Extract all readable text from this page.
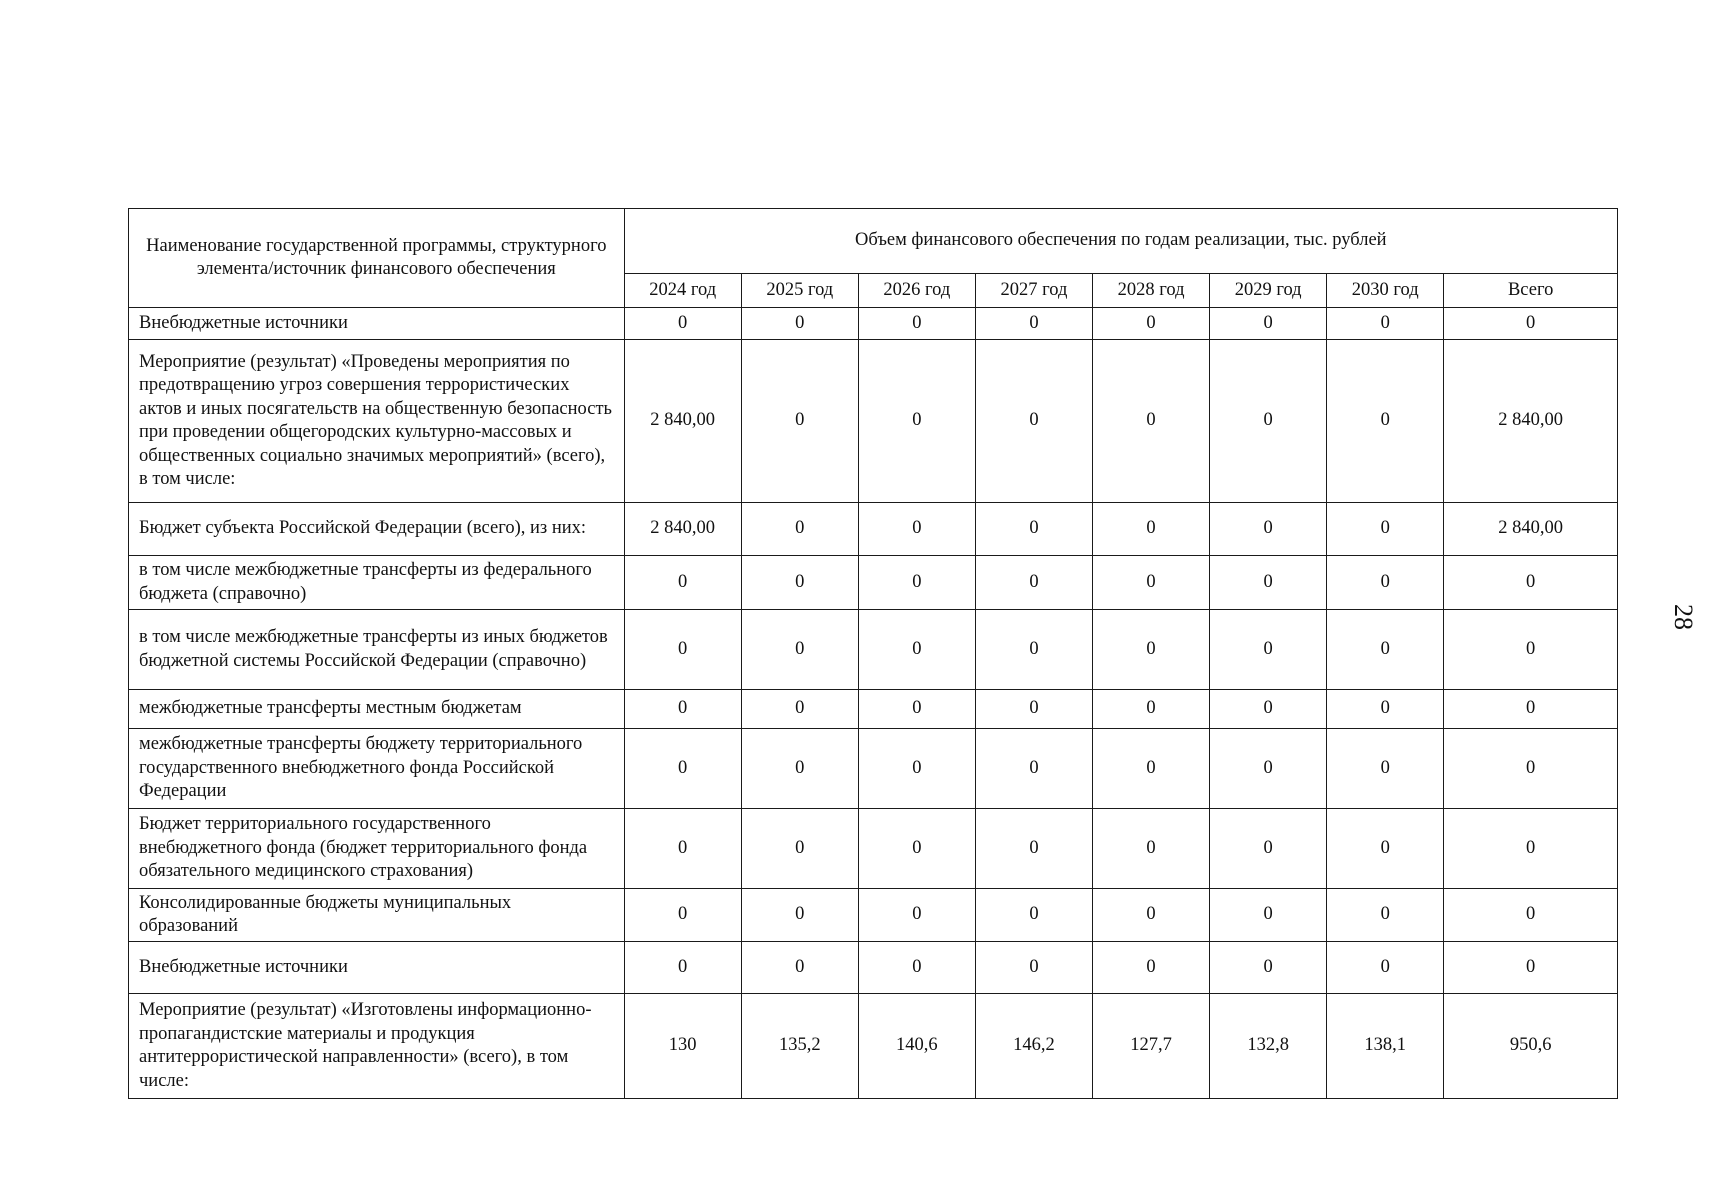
Наименование государственной программы, структурного элемента/источник финансового обеспечения	Объем финансового обеспечения по годам реализации, тыс. рублей							
	2024 год	2025 год	2026 год	2027 год	2028 год	2029 год	2030 год	Всего
Внебюджетные источники	0	0	0	0	0	0	0	0
Мероприятие (результат) «Проведены мероприятия по предотвращению угроз совершения террористических актов и иных посягательств на общественную безопасность при проведении общегородских культурно-массовых и общественных социально значимых мероприятий» (всего), в том числе:	2 840,00	0	0	0	0	0	0	2 840,00
Бюджет субъекта Российской Федерации (всего), из них:	2 840,00	0	0	0	0	0	0	2 840,00
в том числе межбюджетные трансферты из федерального бюджета (справочно)	0	0	0	0	0	0	0	0
в том числе межбюджетные трансферты из иных бюджетов бюджетной системы Российской Федерации (справочно)	0	0	0	0	0	0	0	0
межбюджетные трансферты местным бюджетам	0	0	0	0	0	0	0	0
межбюджетные трансферты бюджету территориального государственного внебюджетного фонда Российской Федерации	0	0	0	0	0	0	0	0
Бюджет территориального государственного внебюджетного фонда (бюджет территориального фонда обязательного медицинского страхования)	0	0	0	0	0	0	0	0
Консолидированные бюджеты муниципальных образований	0	0	0	0	0	0	0	0
Внебюджетные источники	0	0	0	0	0	0	0	0
Мероприятие (результат) «Изготовлены информационно-пропагандистские материалы и продукция антитеррористической направленности» (всего), в том числе:	130	135,2	140,6	146,2	127,7	132,8	138,1	950,6
28
